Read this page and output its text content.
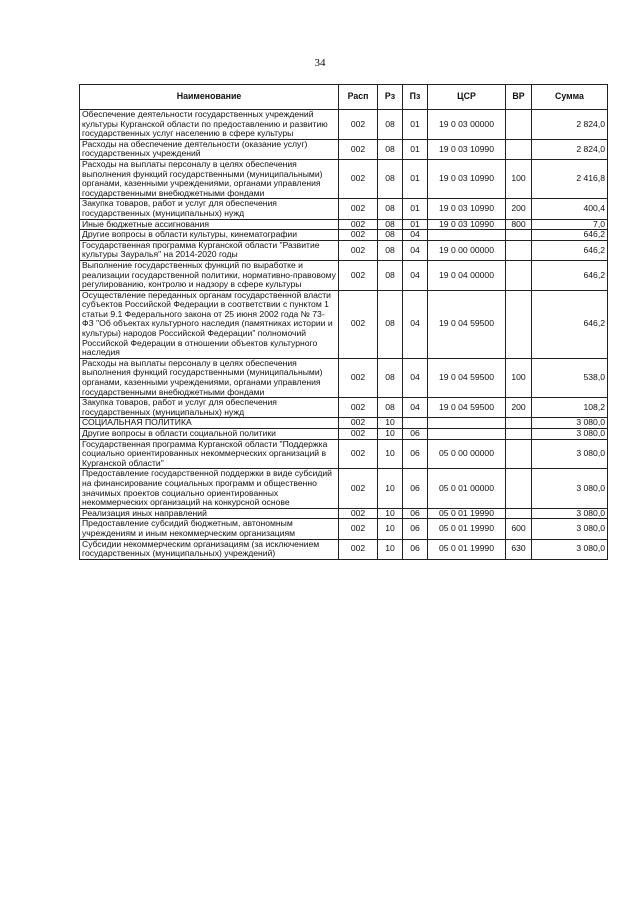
34
Наименование	Расп	Рз	Пз	ЦСР	ВР	Сумма
Обеспечение деятельности государственных учреждений культуры Курганской области по предоставлению и развитию государственных услуг населению в сфере культуры	002	08	01	19 0 03 00000		2 824,0
Расходы на обеспечение деятельности (оказание услуг) государственных учреждений	002	08	01	19 0 03 10990		2 824,0
Расходы на выплаты персоналу в целях обеспечения выполнения функций государственными (муниципальными) органами, казенными учреждениями, органами управления государственными внебюджетными фондами	002	08	01	19 0 03 10990	100	2 416,8
Закупка товаров, работ и услуг для обеспечения государственных (муниципальных) нужд	002	08	01	19 0 03 10990	200	400,4
Иные бюджетные ассигнования	002	08	01	19 0 03 10990	800	7,0
Другие вопросы в области культуры, кинематографии	002	08	04			646,2
Государственная программа Курганской области "Развитие культуры Зауралья" на 2014-2020 годы	002	08	04	19 0 00 00000		646,2
Выполнение государственных функций по выработке и реализации государственной политики, нормативно-правовому регулированию, контролю и надзору в сфере культуры	002	08	04	19 0 04 00000		646,2
Осуществление переданных органам государственной власти субъектов Российской Федерации в соответствии с пунктом 1 статьи 9.1 Федерального закона от 25 июня 2002 года № 73-ФЗ "Об объектах культурного наследия (памятниках истории и культуры) народов Российской Федерации" полномочий Российской Федерации в отношении объектов культурного наследия	002	08	04	19 0 04 59500		646,2
Расходы на выплаты персоналу в целях обеспечения выполнения функций государственными (муниципальными) органами, казенными учреждениями, органами управления государственными внебюджетными фондами	002	08	04	19 0 04 59500	100	538,0
Закупка товаров, работ и услуг для обеспечения государственных (муниципальных) нужд	002	08	04	19 0 04 59500	200	108,2
СОЦИАЛЬНАЯ ПОЛИТИКА	002	10				3 080,0
Другие вопросы в области социальной политики	002	10	06			3 080,0
Государственная программа Курганской области "Поддержка социально ориентированных некоммерческих организаций в Курганской области"	002	10	06	05 0 00 00000		3 080,0
Предоставление государственной поддержки в виде субсидий на финансирование социальных программ и общественно значимых проектов социально ориентированных некоммерческих организаций на конкурсной основе	002	10	06	05 0 01 00000		3 080,0
Реализация иных направлений	002	10	06	05 0 01 19990		3 080,0
Предоставление субсидий бюджетным, автономным учреждениям и иным некоммерческим организациям	002	10	06	05 0 01 19990	600	3 080,0
Субсидии некоммерческим организациям (за исключением государственных (муниципальных) учреждений)	002	10	06	05 0 01 19990	630	3 080,0
